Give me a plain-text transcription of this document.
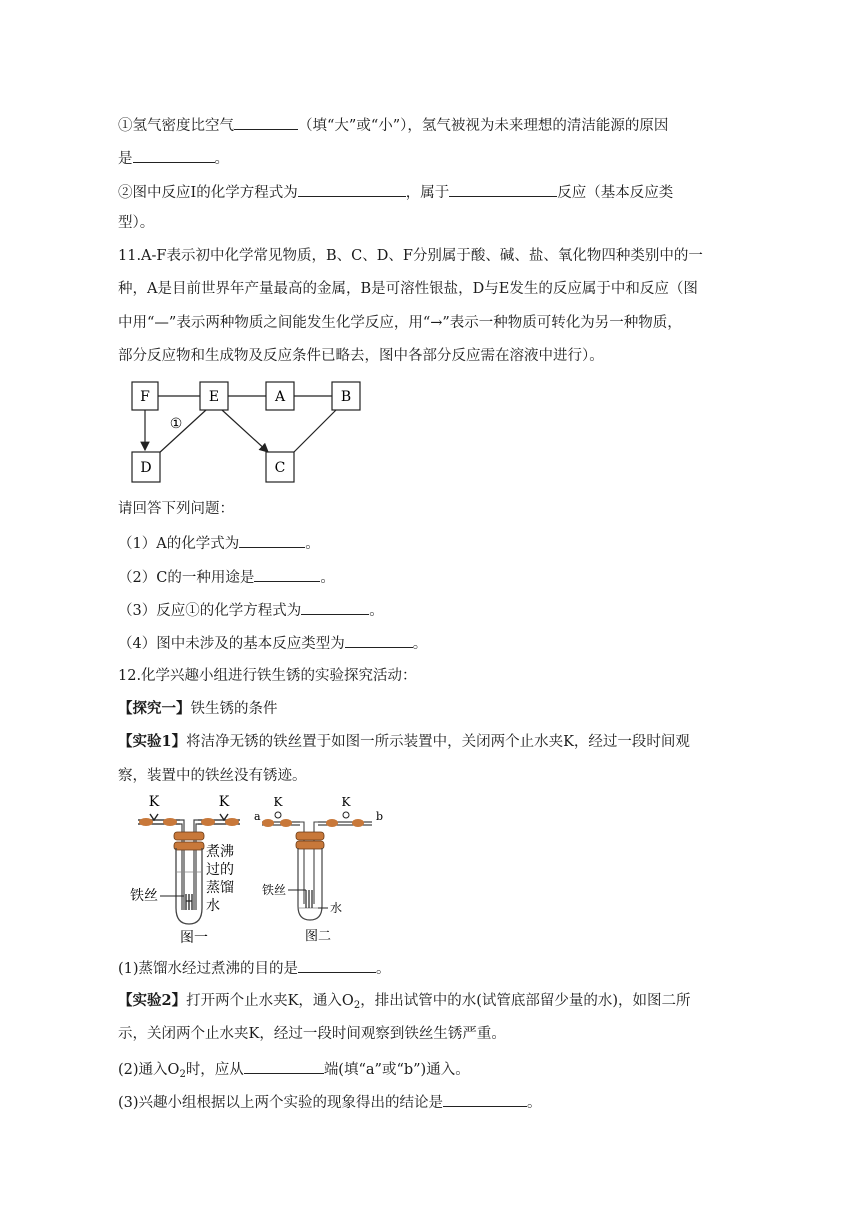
①氢气密度比空气	（填“大”或“小”），氢气被视为未来理想的清洁能源的原因
是	。
②图中反应Ⅰ的化学方程式为	，属于	反应（基本反应类
型）。
11.A-F表示初中化学常见物质，B、C、D、F分别属于酸、碱、盐、氧化物四种类别中的一
种，A是目前世界年产量最高的金属，B是可溶性银盐，D与E发生的反应属于中和反应（图
中用“—”表示两种物质之间能发生化学反应，用“→”表示一种物质可转化为另一种物质，
部分反应物和生成物及反应条件已略去，图中各部分反应需在溶液中进行）。
F	E	A	B
D	C
①
请回答下列问题：
（1）A的化学式为	。
（2）C的一种用途是	。
（3）反应①的化学方程式为	。
（4）图中未涉及的基本反应类型为	。
12.化学兴趣小组进行铁生锈的实验探究活动：
【探究一】铁生锈的条件
【实验1】将洁净无锈的铁丝置于如图一所示装置中，关闭两个止水夹K，经过一段时间观
察，装置中的铁丝没有锈迹。
K	K
煮沸
过的
蒸馏
水
铁丝
图一
K	K
a	b
铁丝
水
图二
(1)蒸馏水经过煮沸的目的是	。
【实验2】打开两个止水夹K，通入$O_2$，排出试管中的水(试管底部留少量的水)，如图二所
示，关闭两个止水夹K，经过一段时间观察到铁丝生锈严重。
(2)通入$O_2$时，应从	端(填“a”或“b”)通入。
(3)兴趣小组根据以上两个实验的现象得出的结论是	。
